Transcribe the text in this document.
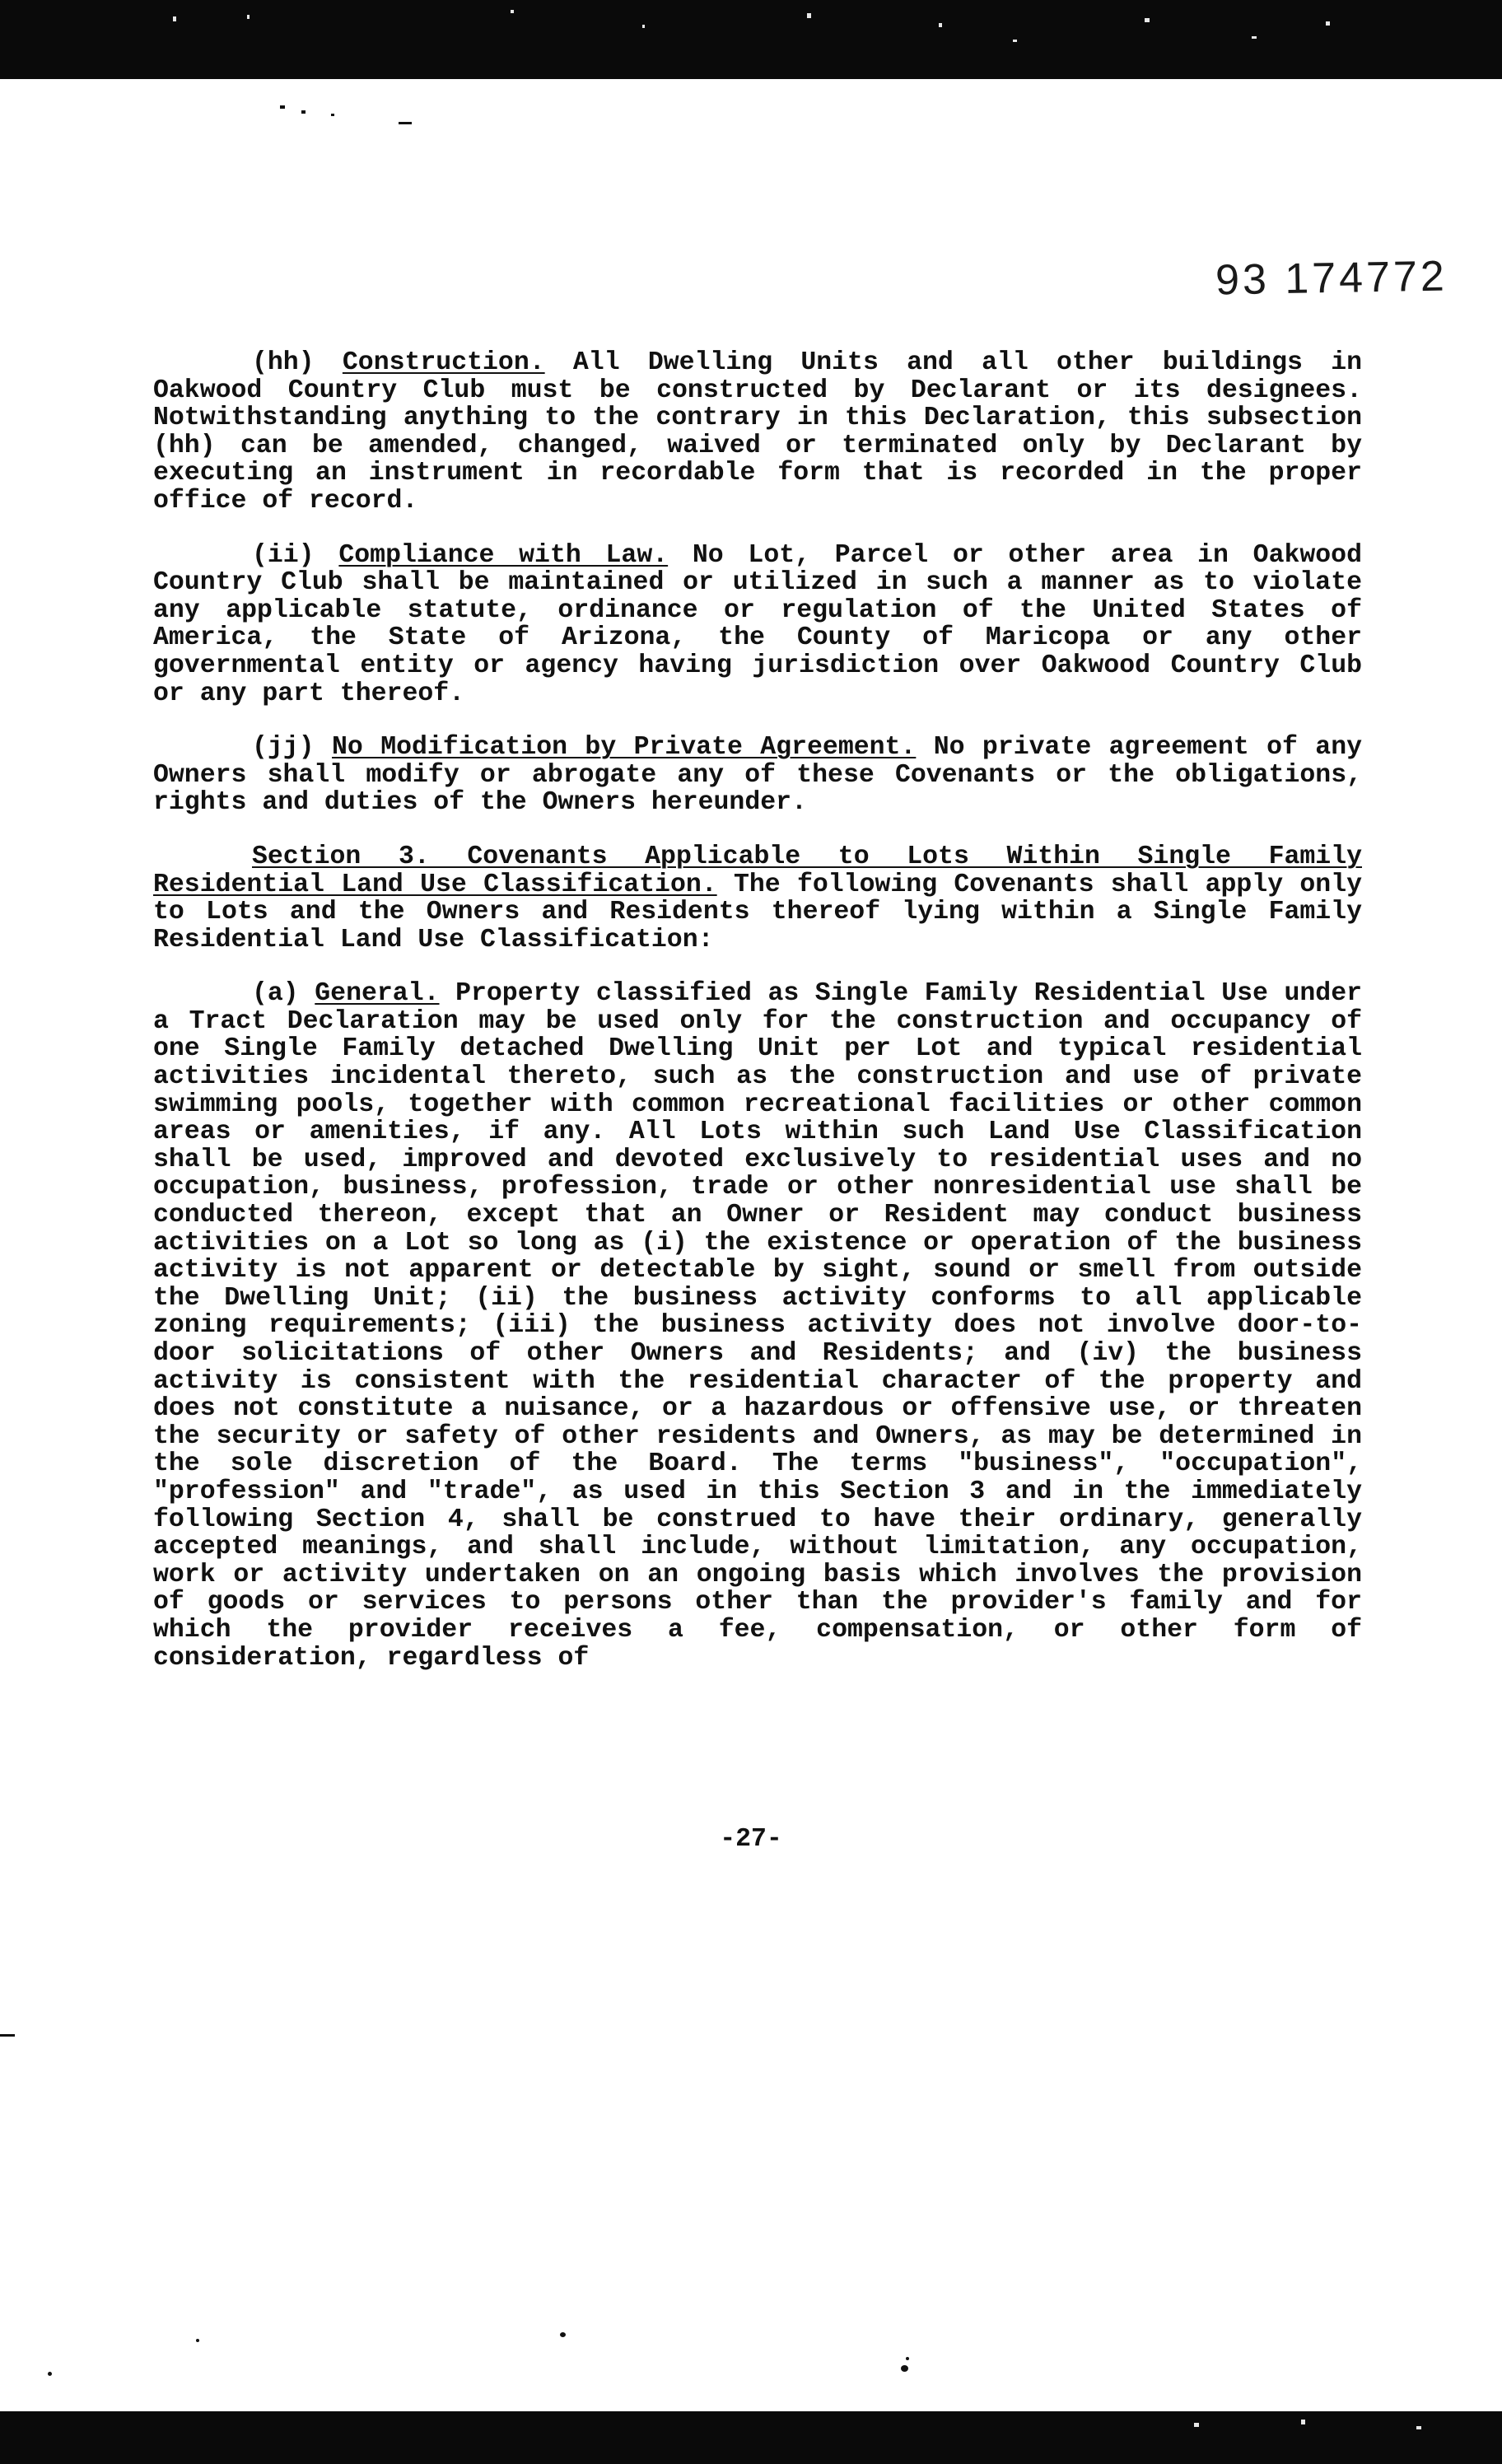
93 174772

(hh) Construction. All Dwelling Units and all other buildings in Oakwood Country Club must be constructed by Declarant or its designees. Notwithstanding anything to the contrary in this Declaration, this subsection (hh) can be amended, changed, waived or terminated only by Declarant by executing an instrument in recordable form that is recorded in the proper office of record.

(ii) Compliance with Law. No Lot, Parcel or other area in Oakwood Country Club shall be maintained or utilized in such a manner as to violate any applicable statute, ordinance or regulation of the United States of America, the State of Arizona, the County of Maricopa or any other governmental entity or agency having jurisdiction over Oakwood Country Club or any part thereof.

(jj) No Modification by Private Agreement. No private agreement of any Owners shall modify or abrogate any of these Covenants or the obligations, rights and duties of the Owners hereunder.

Section 3. Covenants Applicable to Lots Within Single Family Residential Land Use Classification. The following Covenants shall apply only to Lots and the Owners and Residents thereof lying within a Single Family Residential Land Use Classification:

(a) General. Property classified as Single Family Residential Use under a Tract Declaration may be used only for the construction and occupancy of one Single Family detached Dwelling Unit per Lot and typical residential activities incidental thereto, such as the construction and use of private swimming pools, together with common recreational facilities or other common areas or amenities, if any. All Lots within such Land Use Classification shall be used, improved and devoted exclusively to residential uses and no occupation, business, profession, trade or other nonresidential use shall be conducted thereon, except that an Owner or Resident may conduct business activities on a Lot so long as (i) the existence or operation of the business activity is not apparent or detectable by sight, sound or smell from outside the Dwelling Unit; (ii) the business activity conforms to all applicable zoning requirements; (iii) the business activity does not involve door-to-door solicitations of other Owners and Residents; and (iv) the business activity is consistent with the residential character of the property and does not constitute a nuisance, or a hazardous or offensive use, or threaten the security or safety of other residents and Owners, as may be determined in the sole discretion of the Board. The terms "business", "occupation", "profession" and "trade", as used in this Section 3 and in the immediately following Section 4, shall be construed to have their ordinary, generally accepted meanings, and shall include, without limitation, any occupation, work or activity undertaken on an ongoing basis which involves the provision of goods or services to persons other than the provider's family and for which the provider receives a fee, compensation, or other form of consideration, regardless of

-27-
